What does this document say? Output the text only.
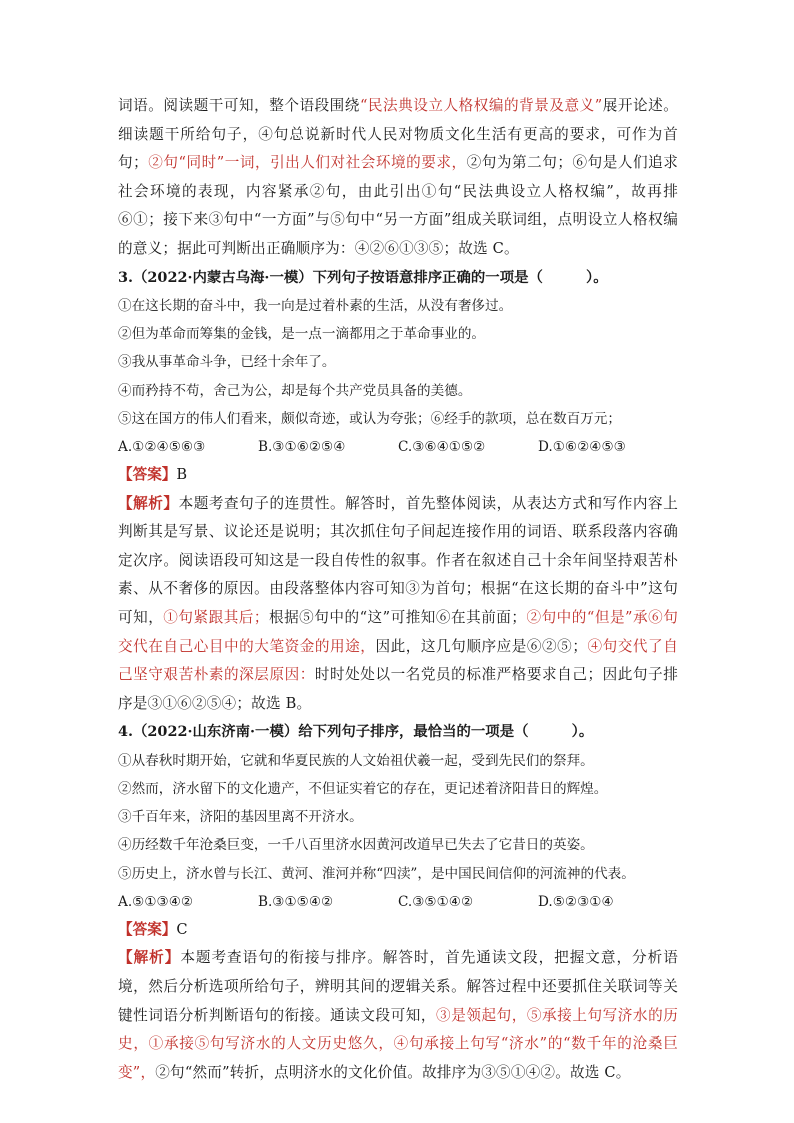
词语。阅读题干可知，整个语段围绕“民法典设立人格权编的背景及意义”展开论述。细读题干所给句子，④句总说新时代人民对物质文化生活有更高的要求，可作为首句；②句“同时”一词，引出人们对社会环境的要求，②句为第二句；⑥句是人们追求社会环境的表现，内容紧承②句，由此引出①句“民法典设立人格权编”，故再排⑥①；接下来③句中“一方面”与⑤句中“另一方面”组成关联词组，点明设立人格权编的意义；据此可判断出正确顺序为：④②⑥①③⑤；故选 C。

3.（2022·内蒙古乌海·一模）下列句子按语意排序正确的一项是（　　　）。

①在这长期的奋斗中，我一向是过着朴素的生活，从没有奢侈过。

②但为革命而筹集的金钱，是一点一滴都用之于革命事业的。

③我从事革命斗争，已经十余年了。

④而矜持不苟，舍己为公，却是每个共产党员具备的美德。

⑤这在国方的伟人们看来，颇似奇迹，或认为夸张；⑥经手的款项，总在数百万元；

A.①②④⑤⑥③	B.③①⑥②⑤④	C.③⑥④①⑤②	D.①⑥②④⑤③

【答案】B

【解析】本题考查句子的连贯性。解答时，首先整体阅读，从表达方式和写作内容上判断其是写景、议论还是说明；其次抓住句子间起连接作用的词语、联系段落内容确定次序。阅读语段可知这是一段自传性的叙事。作者在叙述自己十余年间坚持艰苦朴素、从不奢侈的原因。由段落整体内容可知③为首句；根据“在这长期的奋斗中”这句可知，①句紧跟其后；根据⑤句中的“这”可推知⑥在其前面；②句中的“但是”承⑥句交代在自己心目中的大笔资金的用途，因此，这几句顺序应是⑥②⑤；④句交代了自己坚守艰苦朴素的深层原因：时时处处以一名党员的标准严格要求自己；因此句子排序是③①⑥②⑤④；故选 B。

4.（2022·山东济南·一模）给下列句子排序，最恰当的一项是（　　　）。

①从春秋时期开始，它就和华夏民族的人文始祖伏羲一起，受到先民们的祭拜。

②然而，济水留下的文化遗产，不但证实着它的存在，更记述着济阳昔日的辉煌。

③千百年来，济阳的基因里离不开济水。

④历经数千年沧桑巨变，一千八百里济水因黄河改道早已失去了它昔日的英姿。

⑤历史上，济水曾与长江、黄河、淮河并称“四渎”，是中国民间信仰的河流神的代表。

A.⑤①③④②	B.③①⑤④②	C.③⑤①④②	D.⑤②③①④

【答案】C

【解析】本题考查语句的衔接与排序。解答时，首先通读文段，把握文意，分析语境，然后分析选项所给句子，辨明其间的逻辑关系。解答过程中还要抓住关联词等关键性词语分析判断语句的衔接。通读文段可知，③是领起句，⑤承接上句写济水的历史，①承接⑤句写济水的人文历史悠久，④句承接上句写“济水”的“数千年的沧桑巨变”，②句“然而”转折，点明济水的文化价值。故排序为③⑤①④②。故选 C。
